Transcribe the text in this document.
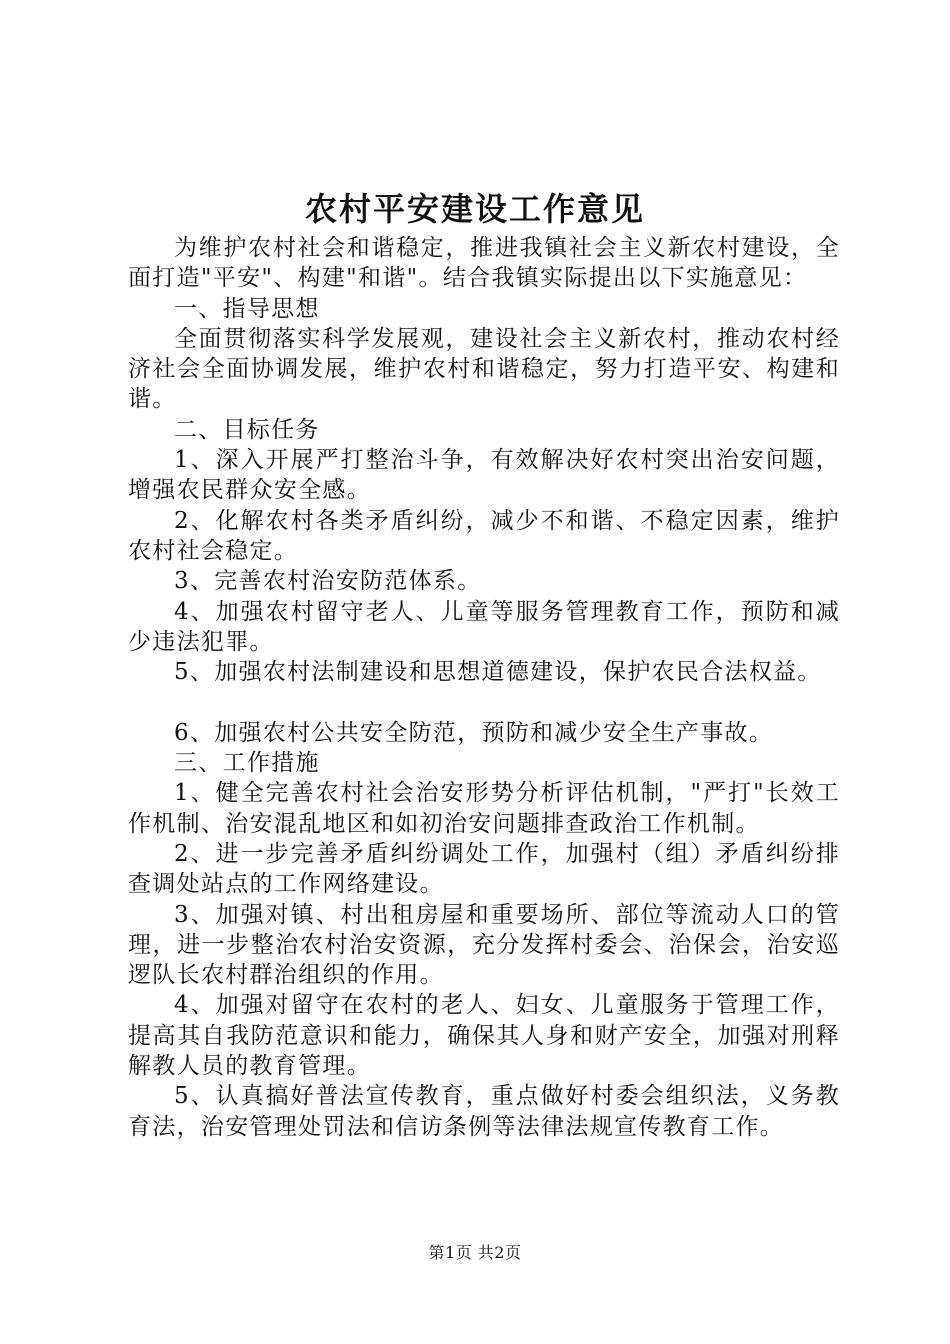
农村平安建设工作意见

为维护农村社会和谐稳定，推进我镇社会主义新农村建设，全面打造"平安"、构建"和谐"。结合我镇实际提出以下实施意见：

一、指导思想

全面贯彻落实科学发展观，建设社会主义新农村，推动农村经济社会全面协调发展，维护农村和谐稳定，努力打造平安、构建和谐。

二、目标任务

1、深入开展严打整治斗争，有效解决好农村突出治安问题，增强农民群众安全感。

2、化解农村各类矛盾纠纷，减少不和谐、不稳定因素，维护农村社会稳定。

3、完善农村治安防范体系。

4、加强农村留守老人、儿童等服务管理教育工作，预防和减少违法犯罪。

5、加强农村法制建设和思想道德建设，保护农民合法权益。

6、加强农村公共安全防范，预防和减少安全生产事故。

三、工作措施

1、健全完善农村社会治安形势分析评估机制，"严打"长效工作机制、治安混乱地区和如初治安问题排查政治工作机制。

2、进一步完善矛盾纠纷调处工作，加强村（组）矛盾纠纷排查调处站点的工作网络建设。

3、加强对镇、村出租房屋和重要场所、部位等流动人口的管理，进一步整治农村治安资源，充分发挥村委会、治保会，治安巡逻队长农村群治组织的作用。

4、加强对留守在农村的老人、妇女、儿童服务于管理工作，提高其自我防范意识和能力，确保其人身和财产安全，加强对刑释解教人员的教育管理。

5、认真搞好普法宣传教育，重点做好村委会组织法，义务教育法，治安管理处罚法和信访条例等法律法规宣传教育工作。

第1页 共2页
